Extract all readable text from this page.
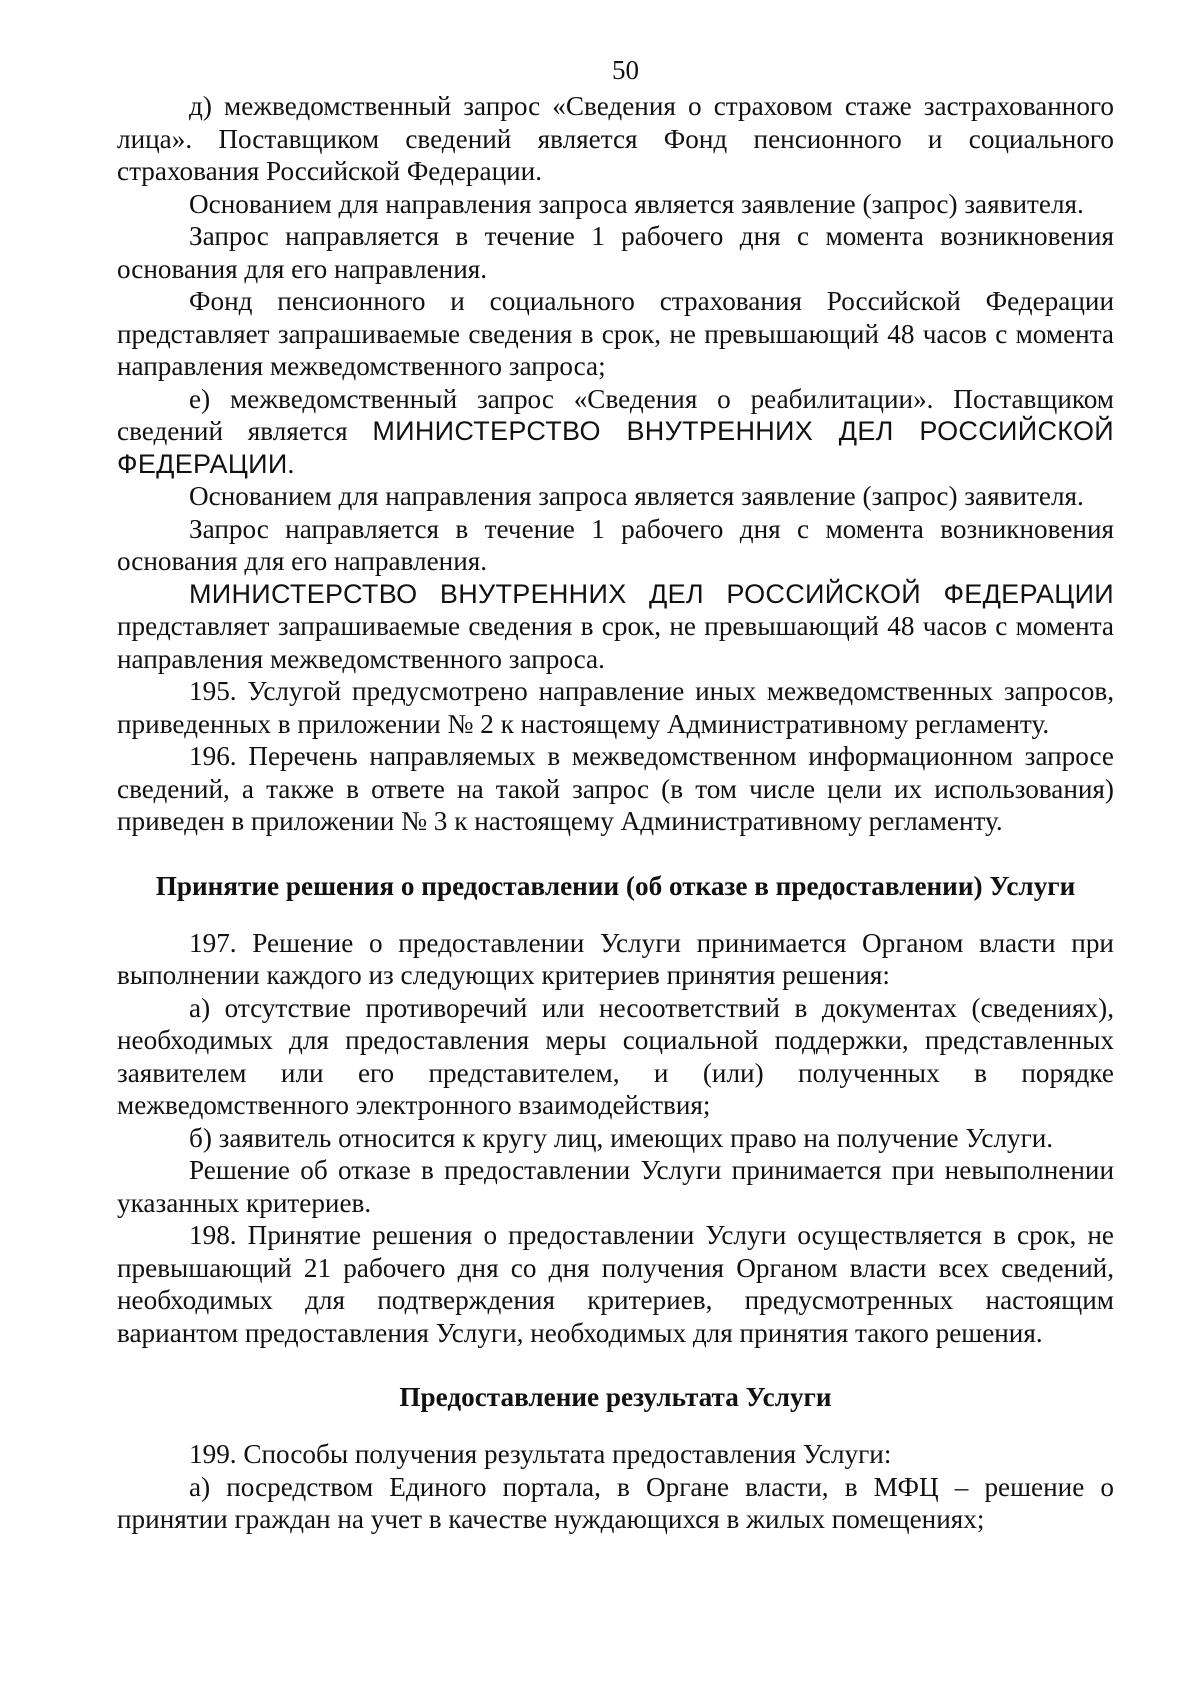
50

д) межведомственный запрос «Сведения о страховом стаже застрахованного лица». Поставщиком сведений является Фонд пенсионного и социального страхования Российской Федерации.

Основанием для направления запроса является заявление (запрос) заявителя.

Запрос направляется в течение 1 рабочего дня с момента возникновения основания для его направления.

Фонд пенсионного и социального страхования Российской Федерации представляет запрашиваемые сведения в срок, не превышающий 48 часов с момента направления межведомственного запроса;

е) межведомственный запрос «Сведения о реабилитации». Поставщиком сведений является МИНИСТЕРСТВО ВНУТРЕННИХ ДЕЛ РОССИЙСКОЙ ФЕДЕРАЦИИ.

Основанием для направления запроса является заявление (запрос) заявителя.

Запрос направляется в течение 1 рабочего дня с момента возникновения основания для его направления.

МИНИСТЕРСТВО ВНУТРЕННИХ ДЕЛ РОССИЙСКОЙ ФЕДЕРАЦИИ представляет запрашиваемые сведения в срок, не превышающий 48 часов с момента направления межведомственного запроса.

195. Услугой предусмотрено направление иных межведомственных запросов, приведенных в приложении № 2 к настоящему Административному регламенту.

196. Перечень направляемых в межведомственном информационном запросе сведений, а также в ответе на такой запрос (в том числе цели их использования) приведен в приложении № 3 к настоящему Административному регламенту.

Принятие решения о предоставлении (об отказе в предоставлении) Услуги

197. Решение о предоставлении Услуги принимается Органом власти при выполнении каждого из следующих критериев принятия решения:

а) отсутствие противоречий или несоответствий в документах (сведениях), необходимых для предоставления меры социальной поддержки, представленных заявителем или его представителем, и (или) полученных в порядке межведомственного электронного взаимодействия;

б) заявитель относится к кругу лиц, имеющих право на получение Услуги.

Решение об отказе в предоставлении Услуги принимается при невыполнении указанных критериев.

198. Принятие решения о предоставлении Услуги осуществляется в срок, не превышающий 21 рабочего дня со дня получения Органом власти всех сведений, необходимых для подтверждения критериев, предусмотренных настоящим вариантом предоставления Услуги, необходимых для принятия такого решения.

Предоставление результата Услуги

199. Способы получения результата предоставления Услуги:

а) посредством Единого портала, в Органе власти, в МФЦ – решение о принятии граждан на учет в качестве нуждающихся в жилых помещениях;
